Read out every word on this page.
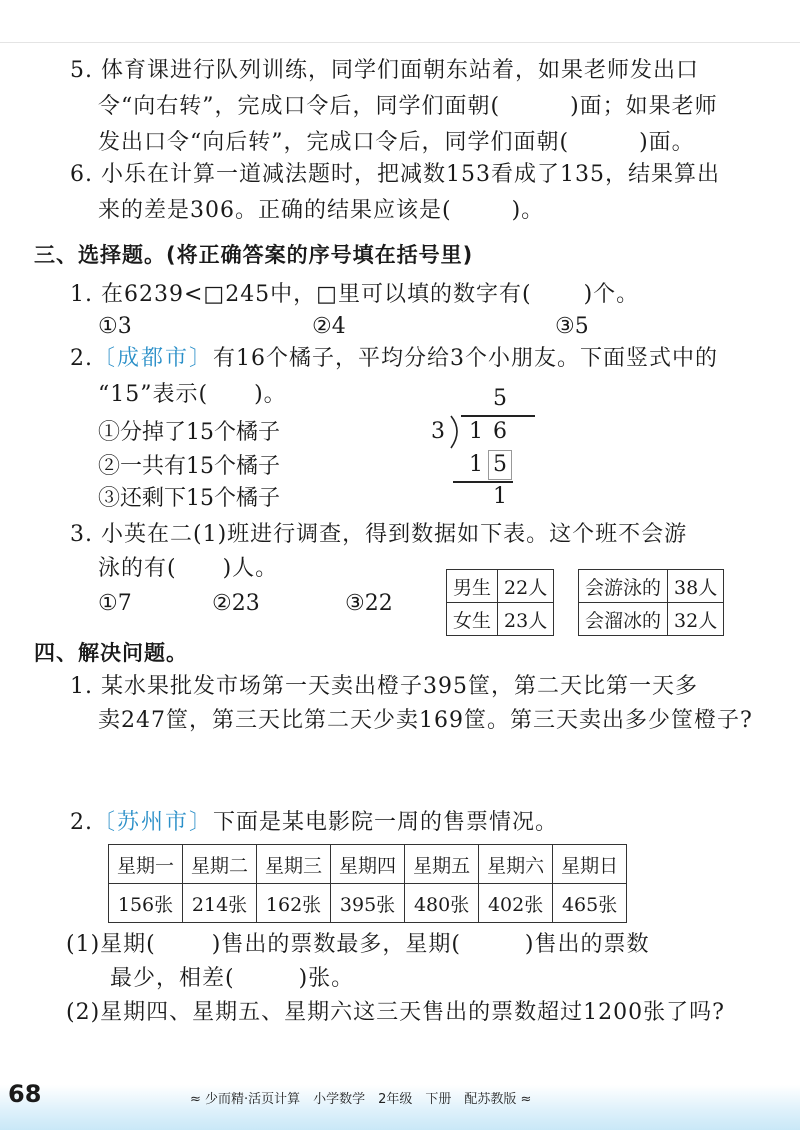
5. 体育课进行队列训练，同学们面朝东站着，如果老师发出口
令“向右转”，完成口令后，同学们面朝(	)面；如果老师
发出口令“向后转”，完成口令后，同学们面朝(	)面。
6. 小乐在计算一道减法题时，把减数153看成了135，结果算出
来的差是306。正确的结果应该是(	)。
三、选择题。(将正确答案的序号填在括号里)
1. 在6239<□245中，□里可以填的数字有( )个。
①3	②4	③5
2.〔成都市〕有16个橘子，平均分给3个小朋友。下面竖式中的
“15”表示( )。
①分掉了15个橘子
②一共有15个橘子
③还剩下15个橘子
5
3 1 6
1 5
1
3. 小英在二(1)班进行调查，得到数据如下表。这个班不会游
泳的有( )人。
①7	②23	③22
男生	22人
女生	23人
会游泳的	38人
会溜冰的	32人
四、解决问题。
1. 某水果批发市场第一天卖出橙子395筐，第二天比第一天多
卖247筐，第三天比第二天少卖169筐。第三天卖出多少筐橙子?
2.〔苏州市〕下面是某电影院一周的售票情况。
星期一	星期二	星期三	星期四	星期五	星期六	星期日
156张	214张	162张	395张	480张	402张	465张
(1)星期(	)售出的票数最多，星期(	)售出的票数
最少，相差(	)张。
(2)星期四、星期五、星期六这三天售出的票数超过1200张了吗?
68	≈ 少而精·活页计算　小学数学　2年级　下册　配苏教版 ≈
